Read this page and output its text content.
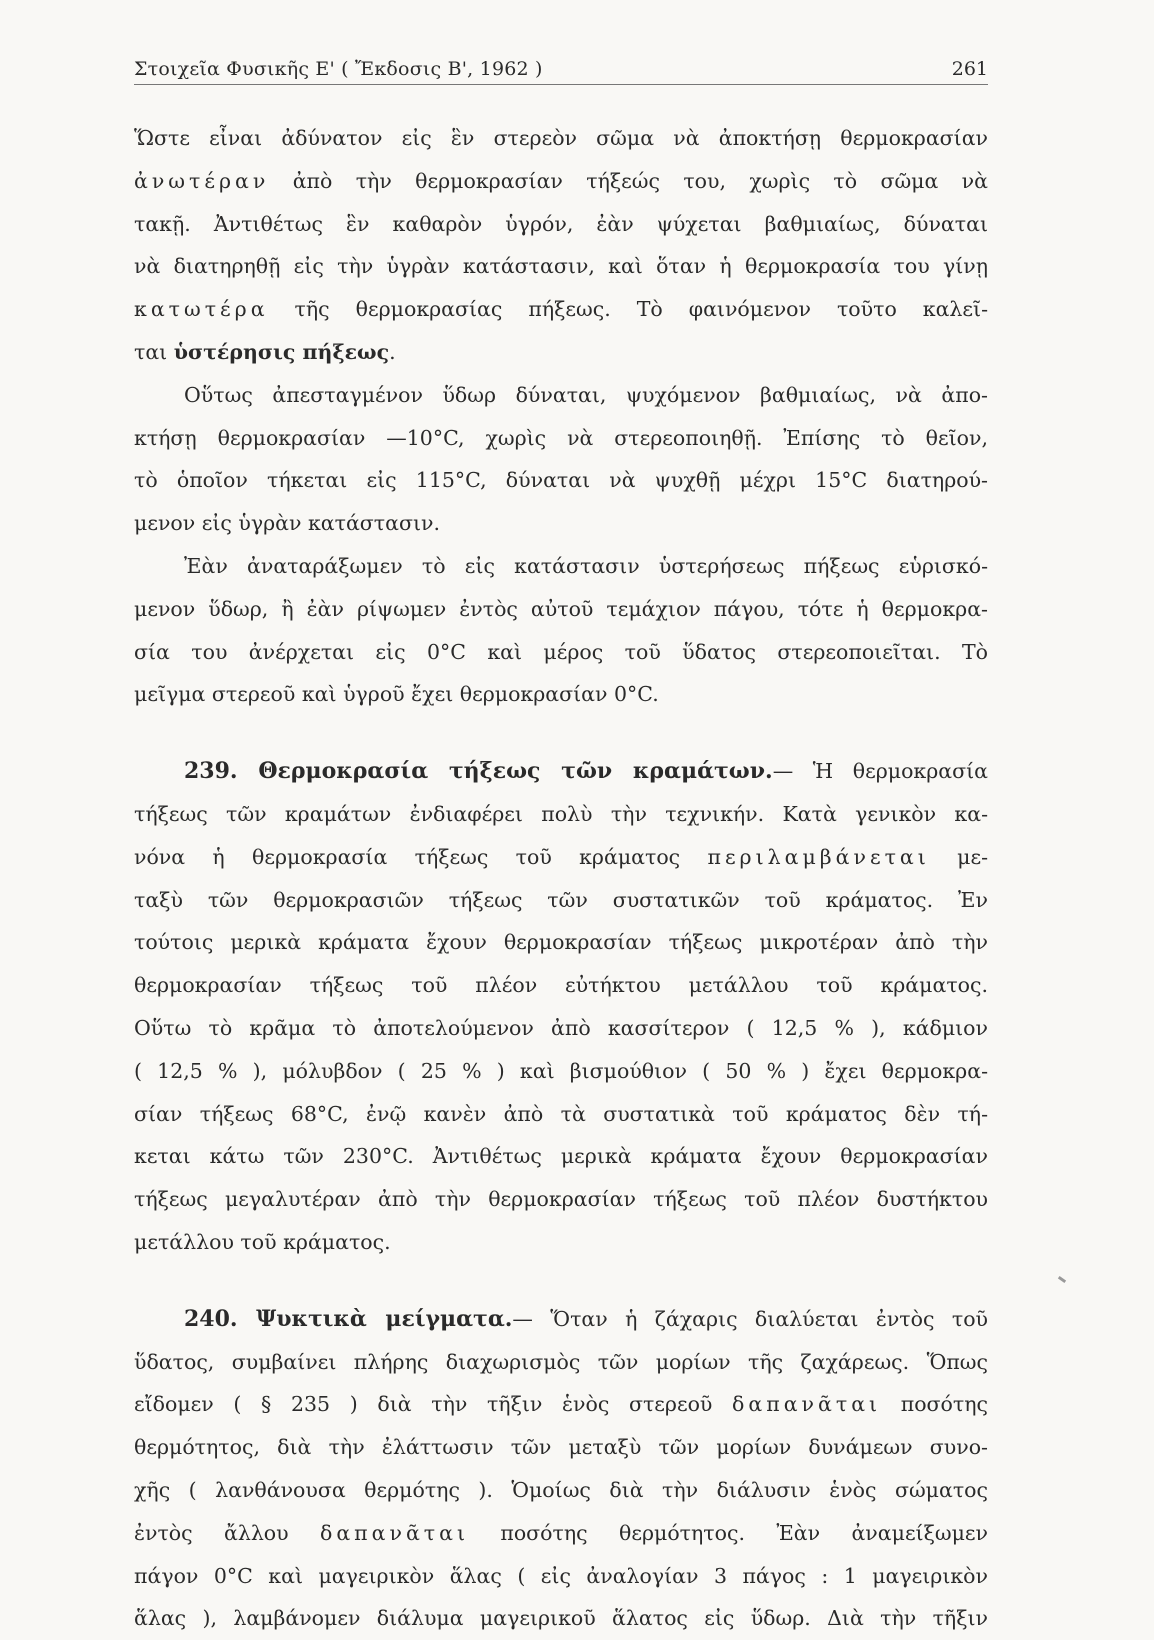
Στοιχεῖα Φυσικῆς Ε' ( Ἔκδοσις Β', 1962 )	261
Ὥστε εἶναι ἀδύνατον εἰς ἓν στερεὸν σῶμα νὰ ἀποκτήσῃ θερμοκρασίαν
ἀνωτέραν ἀπὸ τὴν θερμοκρασίαν τήξεώς του, χωρὶς τὸ σῶμα νὰ
τακῇ. Ἀντιθέτως ἓν καθαρὸν ὑγρόν, ἐὰν ψύχεται βαθμιαίως, δύναται
νὰ διατηρηθῇ εἰς τὴν ὑγρὰν κατάστασιν, καὶ ὅταν ἡ θερμοκρασία του γίνῃ
κατωτέρα τῆς θερμοκρασίας πήξεως. Τὸ φαινόμενον τοῦτο καλεῖ-
ται ὑστέρησις πήξεως.
Οὕτως ἀπεσταγμένον ὕδωρ δύναται, ψυχόμενον βαθμιαίως, νὰ ἀπο-
κτήσῃ θερμοκρασίαν —10°C, χωρὶς νὰ στερεοποιηθῇ. Ἐπίσης τὸ θεῖον,
τὸ ὁποῖον τήκεται εἰς 115°C, δύναται νὰ ψυχθῇ μέχρι 15°C διατηρού-
μενον εἰς ὑγρὰν κατάστασιν.
Ἐὰν ἀναταράξωμεν τὸ εἰς κατάστασιν ὑστερήσεως πήξεως εὑρισκό-
μενον ὕδωρ, ἢ ἐὰν ρίψωμεν ἐντὸς αὐτοῦ τεμάχιον πάγου, τότε ἡ θερμοκρα-
σία του ἀνέρχεται εἰς 0°C καὶ μέρος τοῦ ὕδατος στερεοποιεῖται. Τὸ
μεῖγμα στερεοῦ καὶ ὑγροῦ ἔχει θερμοκρασίαν 0°C.
239. Θερμοκρασία τήξεως τῶν κραμάτων.— Ἡ θερμοκρασία
τήξεως τῶν κραμάτων ἐνδιαφέρει πολὺ τὴν τεχνικήν. Κατὰ γενικὸν κα-
νόνα ἡ θερμοκρασία τήξεως τοῦ κράματος περιλαμβάνεται με-
ταξὺ τῶν θερμοκρασιῶν τήξεως τῶν συστατικῶν τοῦ κράματος. Ἐν
τούτοις μερικὰ κράματα ἔχουν θερμοκρασίαν τήξεως μικροτέραν ἀπὸ τὴν
θερμοκρασίαν τήξεως τοῦ πλέον εὐτήκτου μετάλλου τοῦ κράματος.
Οὕτω τὸ κρᾶμα τὸ ἀποτελούμενον ἀπὸ κασσίτερον ( 12,5 % ), κάδμιον
( 12,5 % ), μόλυβδον ( 25 % ) καὶ βισμούθιον ( 50 % ) ἔχει θερμοκρα-
σίαν τήξεως 68°C, ἐνῷ κανὲν ἀπὸ τὰ συστατικὰ τοῦ κράματος δὲν τή-
κεται κάτω τῶν 230°C. Ἀντιθέτως μερικὰ κράματα ἔχουν θερμοκρασίαν
τήξεως μεγαλυτέραν ἀπὸ τὴν θερμοκρασίαν τήξεως τοῦ πλέον δυστήκτου
μετάλλου τοῦ κράματος.
240. Ψυκτικὰ μείγματα.— Ὅταν ἡ ζάχαρις διαλύεται ἐντὸς τοῦ
ὕδατος, συμβαίνει πλήρης διαχωρισμὸς τῶν μορίων τῆς ζαχάρεως. Ὅπως
εἴδομεν ( § 235 ) διὰ τὴν τῆξιν ἑνὸς στερεοῦ δαπανᾶται ποσότης
θερμότητος, διὰ τὴν ἐλάττωσιν τῶν μεταξὺ τῶν μορίων δυνάμεων συνο-
χῆς ( λανθάνουσα θερμότης ). Ὁμοίως διὰ τὴν διάλυσιν ἑνὸς σώματος
ἐντὸς ἄλλου δαπανᾶται ποσότης θερμότητος. Ἐὰν ἀναμείξωμεν
πάγον 0°C καὶ μαγειρικὸν ἅλας ( εἰς ἀναλογίαν 3 πάγος : 1 μαγειρικὸν
ἅλας ), λαμβάνομεν διάλυμα μαγειρικοῦ ἅλατος εἰς ὕδωρ. Διὰ τὴν τῆξιν
